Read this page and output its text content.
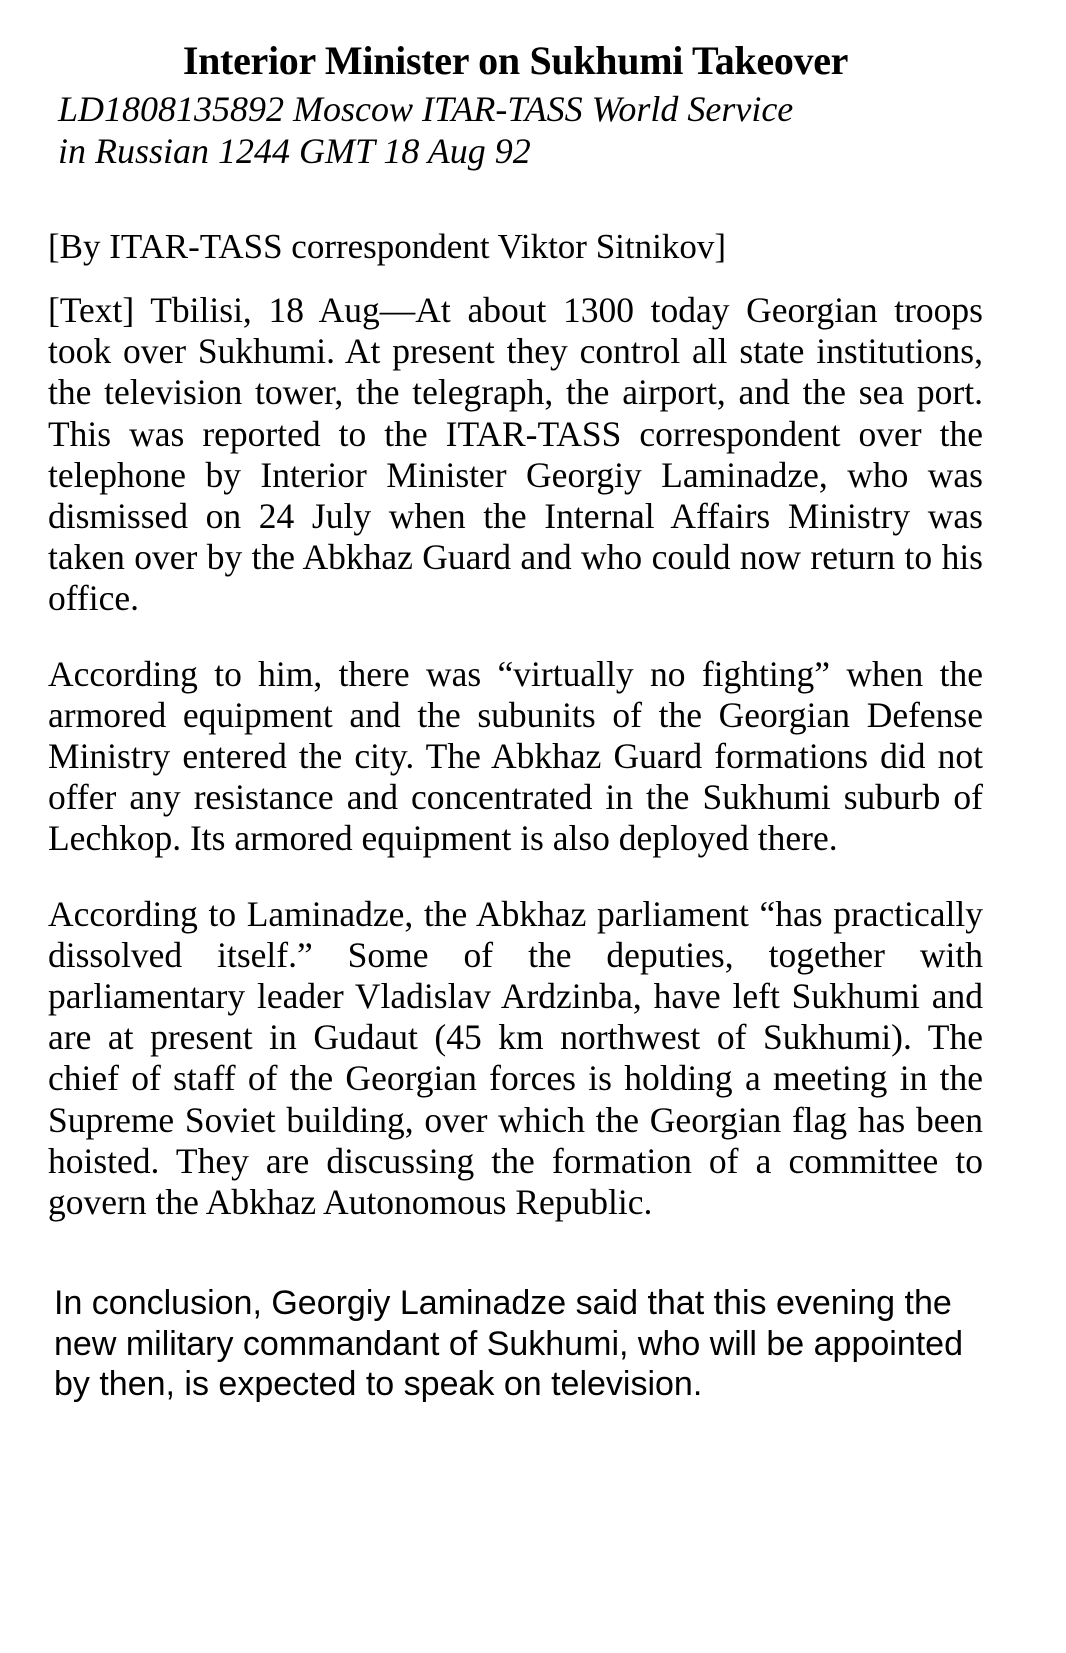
Interior Minister on Sukhumi Takeover
LD1808135892 Moscow ITAR-TASS World Service
in Russian 1244 GMT 18 Aug 92

[By ITAR-TASS correspondent Viktor Sitnikov]

[Text] Tbilisi, 18 Aug—At about 1300 today Georgian troops took over Sukhumi. At present they control all state institutions, the television tower, the telegraph, the airport, and the sea port. This was reported to the ITAR-TASS correspondent over the telephone by Interior Minister Georgiy Laminadze, who was dismissed on 24 July when the Internal Affairs Ministry was taken over by the Abkhaz Guard and who could now return to his office.

According to him, there was “virtually no fighting” when the armored equipment and the subunits of the Georgian Defense Ministry entered the city. The Abkhaz Guard formations did not offer any resistance and concentrated in the Sukhumi suburb of Lechkop. Its armored equipment is also deployed there.

According to Laminadze, the Abkhaz parliament “has practically dissolved itself.” Some of the deputies, together with parliamentary leader Vladislav Ardzinba, have left Sukhumi and are at present in Gudaut (45 km northwest of Sukhumi). The chief of staff of the Georgian forces is holding a meeting in the Supreme Soviet building, over which the Georgian flag has been hoisted. They are discussing the formation of a committee to govern the Abkhaz Autonomous Republic.

In conclusion, Georgiy Laminadze said that this evening the new military commandant of Sukhumi, who will be appointed by then, is expected to speak on television.
